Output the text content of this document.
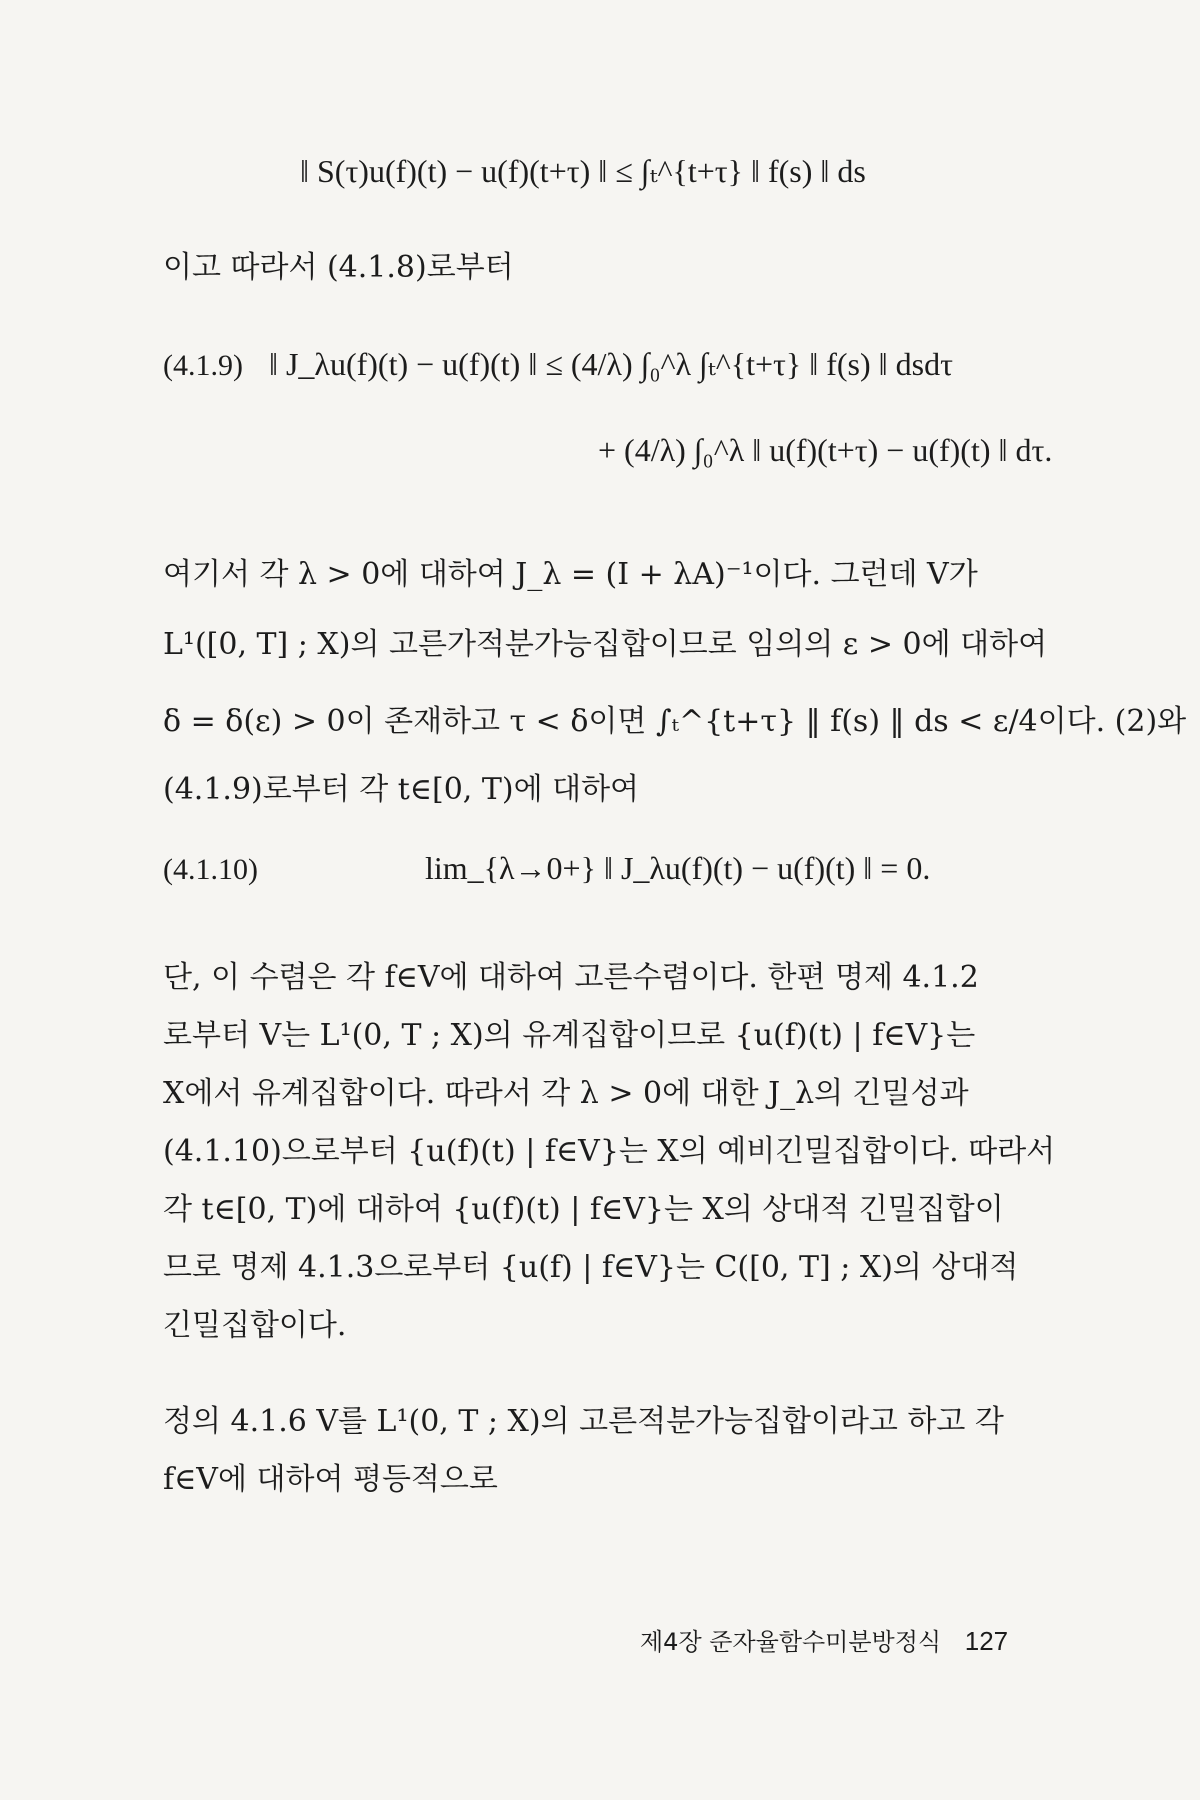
‖ S(τ)u(f)(t) − u(f)(t+τ) ‖ ≤ ∫ₜ^{t+τ} ‖ f(s) ‖ ds
이고 따라서 (4.1.8)로부터
(4.1.9) ‖ J_λu(f)(t) − u(f)(t) ‖ ≤ (4/λ) ∫₀^λ ∫ₜ^{t+τ} ‖ f(s) ‖ dsdτ
+ (4/λ) ∫₀^λ ‖ u(f)(t+τ) − u(f)(t) ‖ dτ.
여기서 각 λ > 0에 대하여 J_λ = (I + λA)⁻¹이다. 그런데 V가
L¹([0, T] ; X)의 고른가적분가능집합이므로 임의의 ε > 0에 대하여
δ = δ(ε) > 0이 존재하고 τ < δ이면 ∫ₜ^{t+τ} ‖ f(s) ‖ ds < ε/4이다. (2)와
(4.1.9)로부터 각 t∈[0, T)에 대하여
(4.1.10)	lim_{λ→0+} ‖ J_λu(f)(t) − u(f)(t) ‖ = 0.
단, 이 수렴은 각 f∈V에 대하여 고른수렴이다. 한편 명제 4.1.2
로부터 V는 L¹(0, T ; X)의 유계집합이므로 {u(f)(t) | f∈V}는
X에서 유계집합이다. 따라서 각 λ > 0에 대한 J_λ의 긴밀성과
(4.1.10)으로부터 {u(f)(t) | f∈V}는 X의 예비긴밀집합이다. 따라서
각 t∈[0, T)에 대하여 {u(f)(t) | f∈V}는 X의 상대적 긴밀집합이
므로 명제 4.1.3으로부터 {u(f) | f∈V}는 C([0, T] ; X)의 상대적
긴밀집합이다.
정의 4.1.6 V를 L¹(0, T ; X)의 고른적분가능집합이라고 하고 각
f∈V에 대하여 평등적으로
제4장 준자율함수미분방정식 127
